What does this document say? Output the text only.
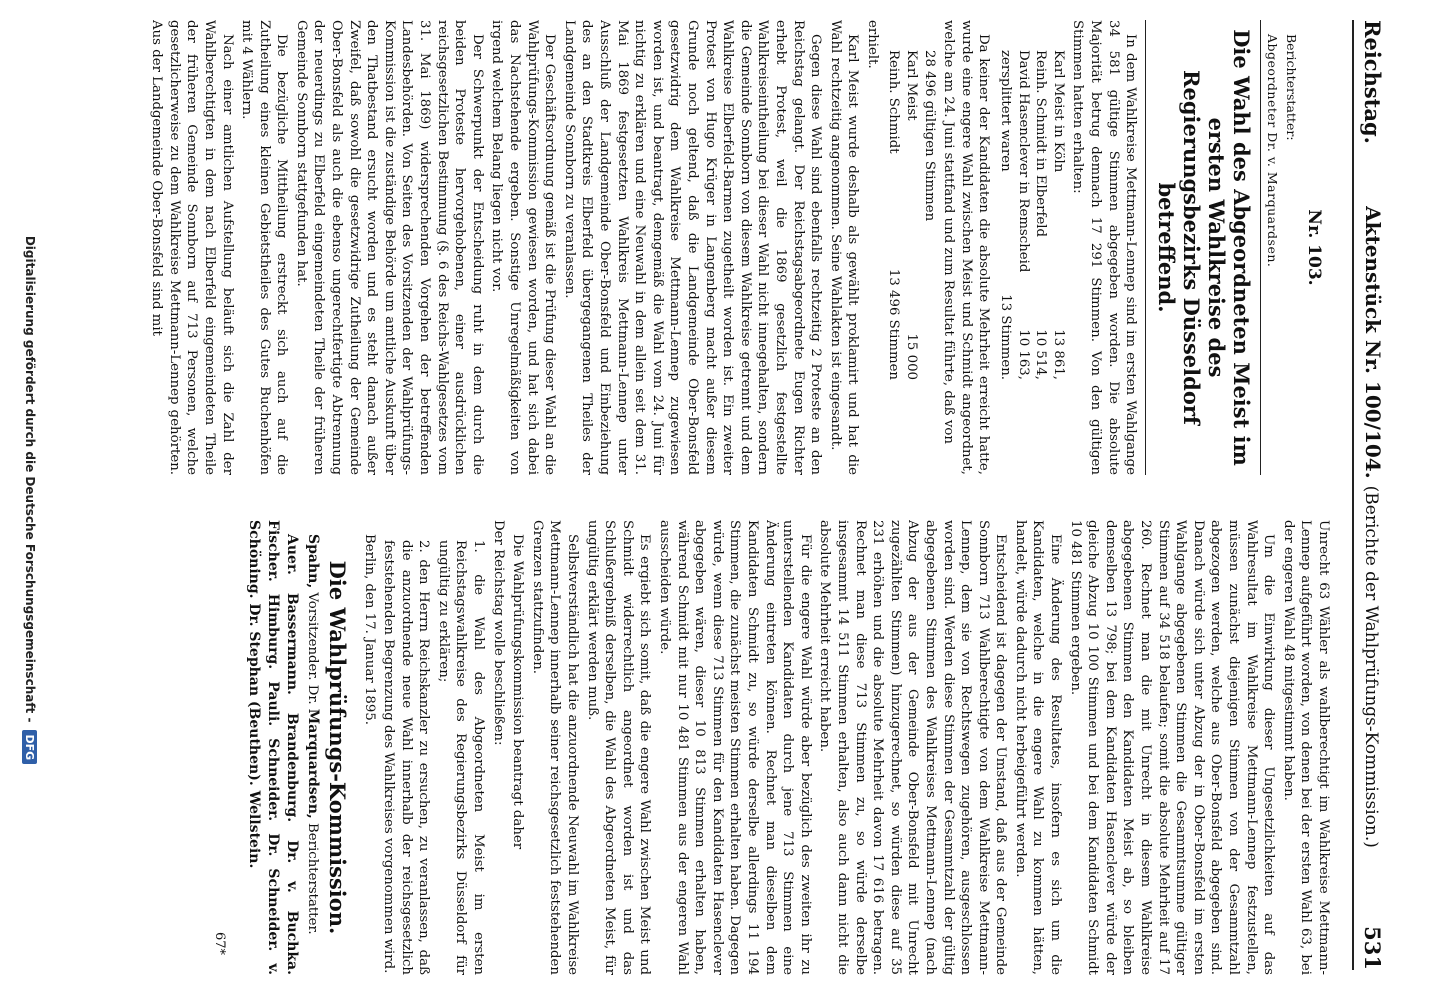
Reichstag.
Aktenstück Nr. 100/104. (Berichte der Wahlprüfungs-Kommission.)
531
Nr. 103.

Berichterstatter:

Abgeordneter Dr. v. Marquardsen.

Die Wahl des Abgeordneten Meist im ersten Wahlkreise des Regierungsbezirks Düsseldorf betreffend.

In dem Wahlkreise Mettmann-Lennep sind im ersten Wahlgange 34 581 gültige Stimmen abgegeben worden. Die absolute Majorität betrug demnach 17 291 Stimmen. Von den gültigen Stimmen hatten erhalten:

Karl Meist in Köln
13 861,
Reinh. Schmidt in Elberfeld
10 514,
David Hasenclever in Remscheid
10 163,
zersplittert waren
13 Stimmen.

Da keiner der Kandidaten die absolute Mehrheit erreicht hatte, wurde eine engere Wahl zwischen Meist und Schmidt angeordnet, welche am 24. Juni stattfand und zum Resultat führte, daß von

28 496 gültigen Stimmen
Karl Meist
15 000
Reinh. Schmidt
13 496 Stimmen

erhielt.

Karl Meist wurde deshalb als gewählt proklamirt und hat die Wahl rechtzeitig angenommen. Seine Wahlakten ist eingesandt.

Gegen diese Wahl sind ebenfalls rechtzeitig 2 Proteste an den Reichstag gelangt. Der Reichstagsabgeordnete Eugen Richter erhebt Protest, weil die 1869 gesetzlich festgestellte Wahlkreiseintheilung bei dieser Wahl nicht innegehalten, sondern die Gemeinde Sonnborn von diesem Wahlkreise getrennt und dem Wahlkreise Elberfeld-Barmen zugetheilt worden ist. Ein zweiter Protest von Hugo Krüger in Langenberg macht außer diesem Grunde noch geltend, daß die Landgemeinde Ober-Bonsfeld gesetzwidrig dem Wahlkreise Mettmann-Lennep zugewiesen worden ist, und beantragt, demgemäß die Wahl vom 24. Juni für nichtig zu erklären und eine Neuwahl in dem allein seit dem 31. Mai 1869 festgesetzten Wahlkreis Mettmann-Lennep unter Ausschluß der Landgemeinde Ober-Bonsfeld und Einbeziehung des an den Stadtkreis Elberfeld übergegangenen Theiles der Landgemeinde Sonnborn zu veranlassen.

Der Geschäftsordnung gemäß ist die Prüfung dieser Wahl an die Wahlprüfungs-Kommission gewiesen worden, und hat sich dabei das Nachstehende ergeben. Sonstige Unregelmäßigkeiten von irgend welchem Belang liegen nicht vor.

Der Schwerpunkt der Entscheidung ruht in dem durch die beiden Proteste hervorgehobenen, einer ausdrücklichen reichsgesetzlichen Bestimmung (§. 6 des Reichs-Wahlgesetzes vom 31. Mai 1869) widersprechenden Vorgehen der betreffenden Landesbehörden. Von Seiten des Vorsitzenden der Wahlprüfungs-Kommission ist die zuständige Behörde um amtliche Auskunft über den Thatbestand ersucht worden und es steht danach außer Zweifel, daß sowohl die gesetzwidrige Zutheilung der Gemeinde Ober-Bonsfeld als auch die ebenso ungerechtfertigte Abtrennung der neuerdings zu Elberfeld eingemeindeten Theile der früheren Gemeinde Sonnborn stattgefunden hat.

Die bezügliche Mittheilung erstreckt sich auch auf die Zutheilung eines kleinen Gebietstheiles des Gutes Buchenhöfen mit 4 Wählern.

Nach einer amtlichen Aufstellung beläuft sich die Zahl der Wahlberechtigten in dem nach Elberfeld eingemeindeten Theile der früheren Gemeinde Sonnborn auf 713 Personen, welche gesetzlicherweise zu dem Wahlkreise Mettmann-Lennep gehörten. Aus der Landgemeinde Ober-Bonsfeld sind mit

Unrecht 63 Wähler als wahlberechtigt im Wahlkreise Mettmann-Lennep aufgeführt worden, von denen bei der ersten Wahl 63, bei der engeren Wahl 48 mitgestimmt haben.

Um die Einwirkung dieser Ungesetzlichkeiten auf das Wahlresultat im Wahlkreise Mettmann-Lennep festzustellen, müssen zunächst diejenigen Stimmen von der Gesammtzahl abgezogen werden, welche aus Ober-Bonsfeld abgegeben sind. Danach würde sich unter Abzug der in Ober-Bonsfeld im ersten Wahlgange abgegebenen Stimmen die Gesammtsumme gültiger Stimmen auf 34 518 belaufen; somit die absolute Mehrheit auf 17 260. Rechnet man die mit Unrecht in diesem Wahlkreise abgegebenen Stimmen den Kandidaten Meist ab, so bleiben demselben 13 798; bei dem Kandidaten Hasenclever würde der gleiche Abzug 10 100 Stimmen und bei dem Kandidaten Schmidt 10 481 Stimmen ergeben.

Eine Änderung des Resultates, insofern es sich um die Kandidaten, welche in die engere Wahl zu kommen hätten, handelt, würde dadurch nicht herbeigeführt werden.

Entscheidend ist dagegen der Umstand, daß aus der Gemeinde Sonnborn 713 Wahlberechtigte von dem Wahlkreise Mettmann-Lennep, dem sie von Rechtswegen zugehören, ausgeschlossen worden sind. Werden diese Stimmen der Gesammtzahl der gültig abgegebenen Stimmen des Wahlkreises Mettmann-Lennep (nach Abzug der aus der Gemeinde Ober-Bonsfeld mit Unrecht zugezählten Stimmen) hinzugerechnet, so würden diese auf 35 231 erhöhen und die absolute Mehrheit davon 17 616 betragen. Rechnet man diese 713 Stimmen zu, so würde derselbe insgesammt 14 511 Stimmen erhalten, also auch dann nicht die absolute Mehrheit erreicht haben.

Für die engere Wahl würde aber bezüglich des zweiten ihr zu unterstellenden Kandidaten durch jene 713 Stimmen eine Änderung eintreten können. Rechnet man dieselben dem Kandidaten Schmidt zu, so würde derselbe allerdings 11 194 Stimmen, die zunächst meisten Stimmen erhalten haben. Dagegen würde, wenn diese 713 Stimmen für den Kandidaten Hasenclever abgegeben wären, dieser 10 813 Stimmen erhalten haben, während Schmidt mit nur 10 481 Stimmen aus der engeren Wahl ausscheiden würde.

Es ergiebt sich somit, daß die engere Wahl zwischen Meist und Schmidt widerrechtlich angeordnet worden ist und das Schlußergebniß derselben, die Wahl des Abgeordneten Meist, für ungültig erklärt werden muß.

Selbstverständlich hat die anzuordnende Neuwahl im Wahlkreise Mettmann-Lennep innerhalb seiner reichsgesetzlich feststehenden Grenzen stattzufinden.

Die Wahlprüfungskommission beantragt daher

Der Reichstag wolle beschließen:

1. die Wahl des Abgeordneten Meist im ersten Reichstagswahlkreise des Regierungsbezirks Düsseldorf für ungültig zu erklären;

2. den Herrn Reichskanzler zu ersuchen, zu veranlassen, daß die anzuordnende neue Wahl innerhalb der reichsgesetzlich feststehenden Begrenzung des Wahlkreises vorgenommen wird.

Berlin, den 17. Januar 1895.

Die Wahlprüfungs-Kommission.

Spahn, Vorsitzender. Dr. Marquardsen, Berichterstatter.

Auer. Bassermann. Brandenburg. Dr. v. Buchka. Fischer. Himburg. Pauli. Schneider. Dr. Schneider. v. Schöning. Dr. Stephan (Beuthen). Wellstein.

67*
Digitalisierung gefördert durch die Deutsche Forschungsgemeinschaft -
DFG
